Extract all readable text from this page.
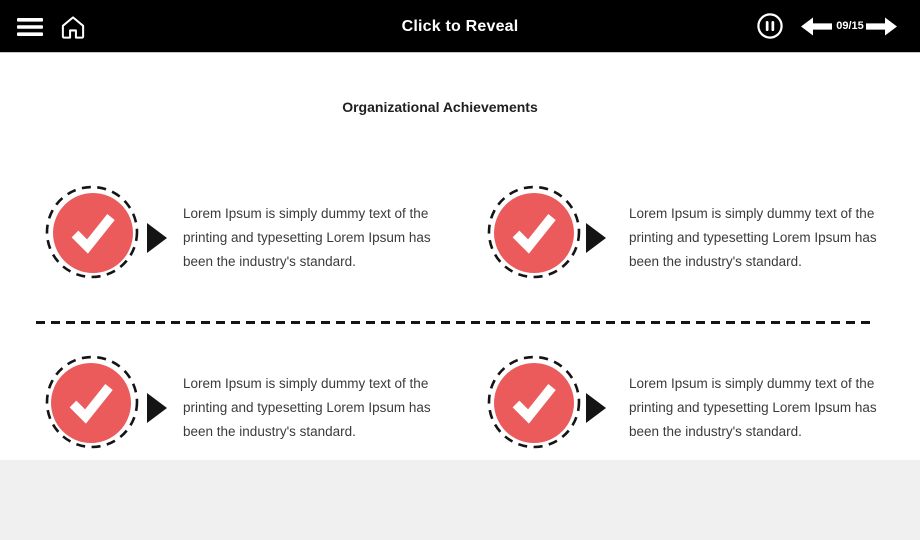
Click to Reveal	09/15
Organizational Achievements
Lorem Ipsum is simply dummy text of the
printing and typesetting Lorem Ipsum has
been the industry's standard.
Lorem Ipsum is simply dummy text of the
printing and typesetting Lorem Ipsum has
been the industry's standard.
Lorem Ipsum is simply dummy text of the
printing and typesetting Lorem Ipsum has
been the industry's standard.
Lorem Ipsum is simply dummy text of the
printing and typesetting Lorem Ipsum has
been the industry's standard.
